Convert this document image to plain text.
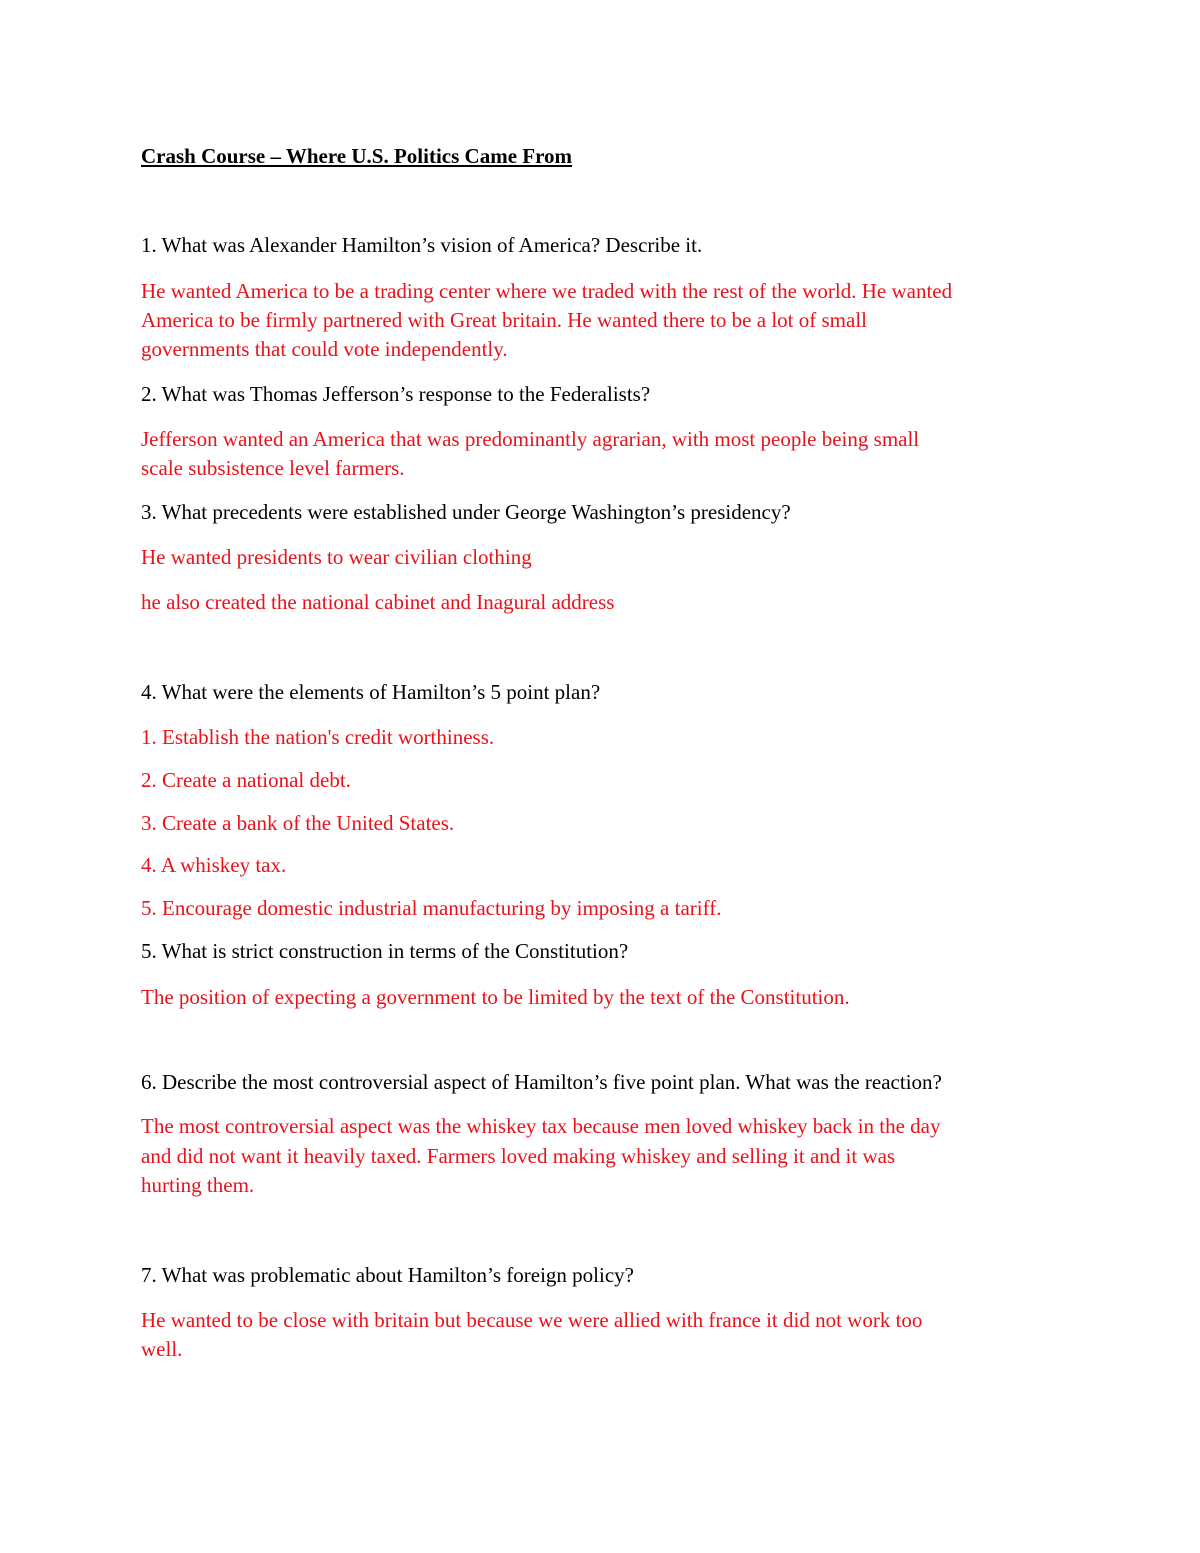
Crash Course – Where U.S. Politics Came From
1. What was Alexander Hamilton’s vision of America? Describe it.
He wanted America to be a trading center where we traded with the rest of the world. He wanted
America to be firmly partnered with Great britain. He wanted there to be a lot of small
governments that could vote independently.
2. What was Thomas Jefferson’s response to the Federalists?
Jefferson wanted an America that was predominantly agrarian, with most people being small
scale subsistence level farmers.
3. What precedents were established under George Washington’s presidency?
He wanted presidents to wear civilian clothing
he also created the national cabinet and Inagural address
4. What were the elements of Hamilton’s 5 point plan?
1. Establish the nation's credit worthiness.
2. Create a national debt.
3. Create a bank of the United States.
4. A whiskey tax.
5. Encourage domestic industrial manufacturing by imposing a tariff.
5. What is strict construction in terms of the Constitution?
The position of expecting a government to be limited by the text of the Constitution.
6. Describe the most controversial aspect of Hamilton’s five point plan. What was the reaction?
The most controversial aspect was the whiskey tax because men loved whiskey back in the day
and did not want it heavily taxed. Farmers loved making whiskey and selling it and it was
hurting them.
7. What was problematic about Hamilton’s foreign policy?
He wanted to be close with britain but because we were allied with france it did not work too
well.
